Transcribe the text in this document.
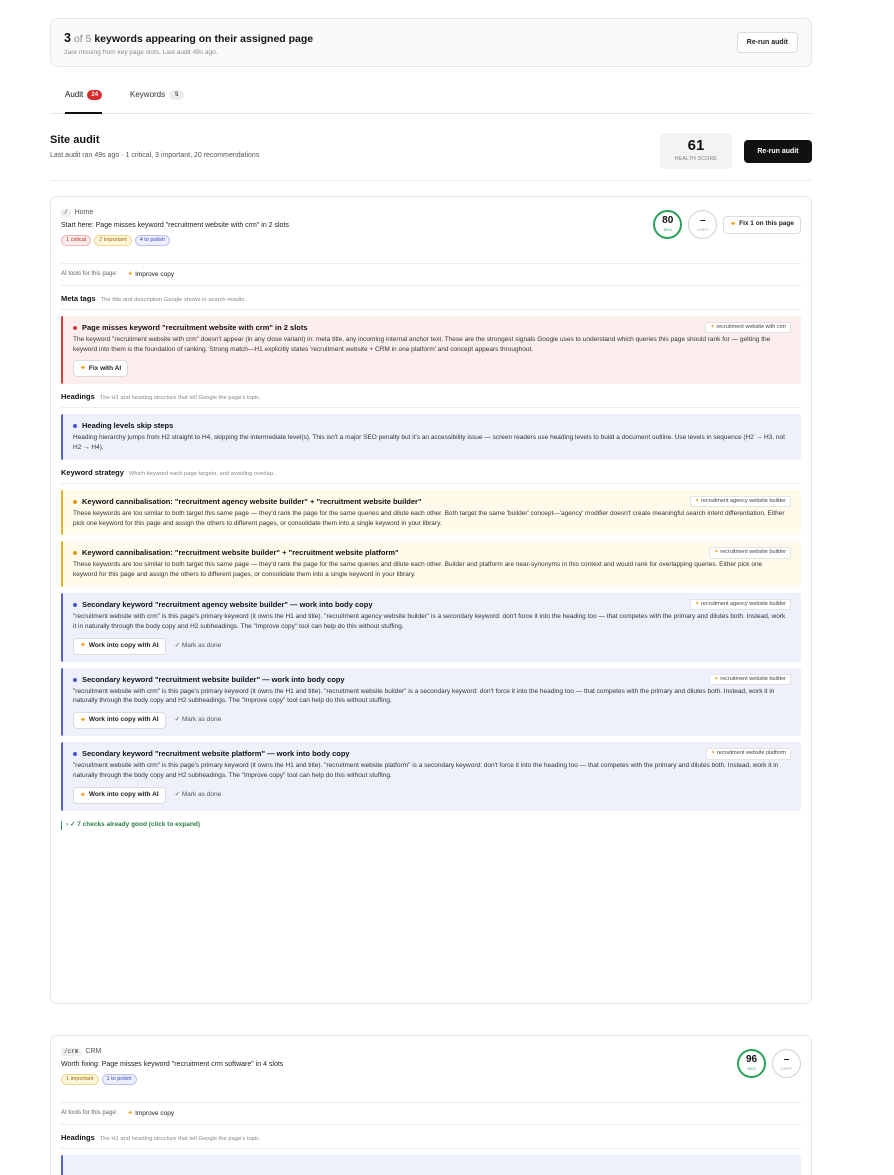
3 of 5 keywords appearing on their assigned page
2are missing from key page slots. Last audit 49s ago.
Re-run audit
Audit	24	Keywords	5
Site audit
Last audit ran 49s ago · 1 critical, 3 important, 20 recommendations
61
HEALTH SCORE
Re-run audit
/	Home
Start here: Page misses keyword "recruitment website with crm" in 2 slots
1 critical	2 important	4 to polish
80
SEO
–
COPY
✦ Fix 1 on this page
AI tools for this page: ✦ Improve copy
Meta tags The title and description Google shows in search results.
Page misses keyword "recruitment website with crm" in 2 slots	✦ recruitment website with crm
The keyword "recruitment website with crm" doesn't appear (in any close variant) in: meta title, any incoming internal anchor text. These are the strongest signals Google uses to understand which queries this page should rank for — getting the keyword into them is the foundation of ranking. Strong match—H1 explicitly states 'recruitment website + CRM in one platform' and concept appears throughout.
✦ Fix with AI
Headings The H1 and heading structure that tell Google the page's topic.
Heading levels skip steps
Heading hierarchy jumps from H2 straight to H4, skipping the intermediate level(s). This isn't a major SEO penalty but it's an accessibility issue — screen readers use heading levels to build a document outline. Use levels in sequence (H2 → H3, not H2 → H4).
Keyword strategy Which keyword each page targets, and avoiding overlap.
Keyword cannibalisation: "recruitment agency website builder" + "recruitment website builder"	✦ recruitment agency website builder
These keywords are too similar to both target this same page — they'd rank the page for the same queries and dilute each other. Both target the same 'builder' concept—'agency' modifier doesn't create meaningful search intent differentiation. Either pick one keyword for this page and assign the others to different pages, or consolidate them into a single keyword in your library.
Keyword cannibalisation: "recruitment website builder" + "recruitment website platform"	✦ recruitment website builder
These keywords are too similar to both target this same page — they'd rank the page for the same queries and dilute each other. Builder and platform are near-synonyms in this context and would rank for overlapping queries. Either pick one keyword for this page and assign the others to different pages, or consolidate them into a single keyword in your library.
Secondary keyword "recruitment agency website builder" — work into body copy	✦ recruitment agency website builder
"recruitment website with crm" is this page's primary keyword (it owns the H1 and title). "recruitment agency website builder" is a secondary keyword: don't force it into the heading too — that competes with the primary and dilutes both. Instead, work it in naturally through the body copy and H2 subheadings. The "Improve copy" tool can help do this without stuffing.
✦ Work into copy with AI ✓ Mark as done
Secondary keyword "recruitment website builder" — work into body copy	✦ recruitment website builder
"recruitment website with crm" is this page's primary keyword (it owns the H1 and title). "recruitment website builder" is a secondary keyword: don't force it into the heading too — that competes with the primary and dilutes both. Instead, work it in naturally through the body copy and H2 subheadings. The "Improve copy" tool can help do this without stuffing.
✦ Work into copy with AI ✓ Mark as done
Secondary keyword "recruitment website platform" — work into body copy	✦ recruitment website platform
"recruitment website with crm" is this page's primary keyword (it owns the H1 and title). "recruitment website platform" is a secondary keyword: don't force it into the heading too — that competes with the primary and dilutes both. Instead, work it in naturally through the body copy and H2 subheadings. The "Improve copy" tool can help do this without stuffing.
✦ Work into copy with AI ✓ Mark as done
› ✓ 7 checks already good (click to expand)
/crm	CRM
Worth fixing: Page misses keyword "recruitment crm software" in 4 slots
1 important	1 to polish
96
SEO
–
COPY
AI tools for this page: ✦ Improve copy
Headings The H1 and heading structure that tell Google the page's topic.
